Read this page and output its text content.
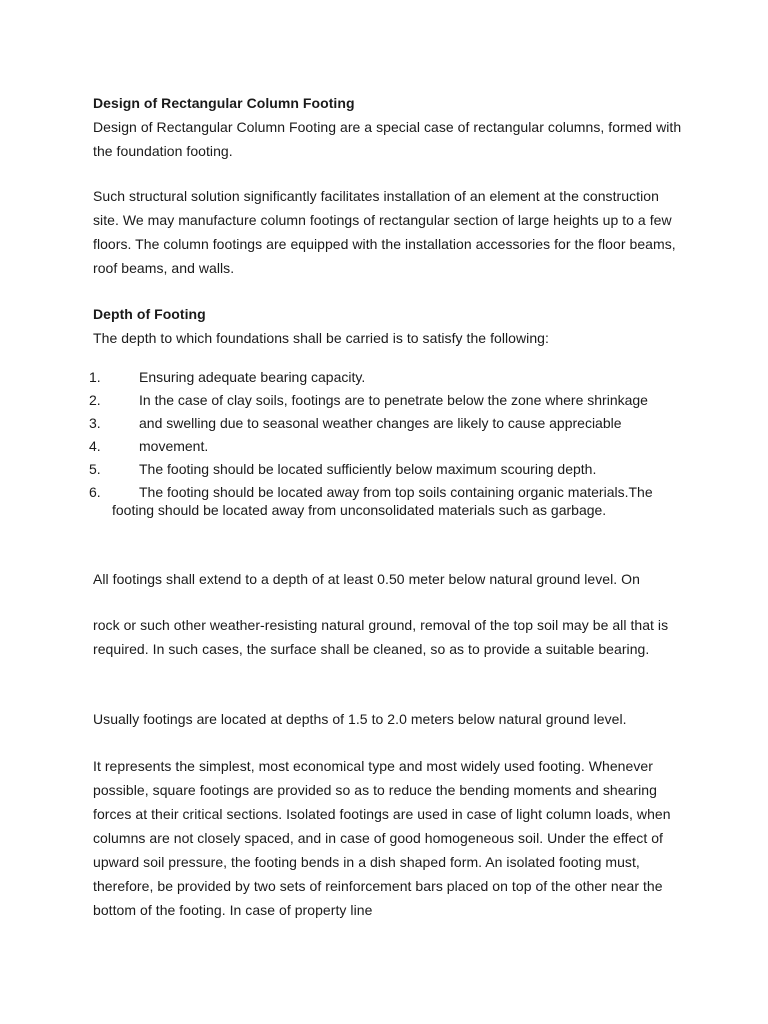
Design of Rectangular Column Footing

Design of Rectangular Column Footing are a special case of rectangular columns, formed with the foundation footing.

Such structural solution significantly facilitates installation of an element at the construction site. We may manufacture column footings of rectangular section of large heights up to a few floors. The column footings are equipped with the installation accessories for the floor beams, roof beams, and walls.

Depth of Footing

The depth to which foundations shall be carried is to satisfy the following:

1.	Ensuring adequate bearing capacity.
2.	In the case of clay soils, footings are to penetrate below the zone where shrinkage
3.	and swelling due to seasonal weather changes are likely to cause appreciable
4.	movement.
5.	The footing should be located sufficiently below maximum scouring depth.
6.	The footing should be located away from top soils containing organic materials.The footing should be located away from unconsolidated materials such as garbage.

All footings shall extend to a depth of at least 0.50 meter below natural ground level. On

rock or such other weather-resisting natural ground, removal of the top soil may be all that is required. In such cases, the surface shall be cleaned, so as to provide a suitable bearing.

Usually footings are located at depths of 1.5 to 2.0 meters below natural ground level.

It represents the simplest, most economical type and most widely used footing. Whenever possible, square footings are provided so as to reduce the bending moments and shearing forces at their critical sections. Isolated footings are used in case of light column loads, when columns are not closely spaced, and in case of good homogeneous soil. Under the effect of upward soil pressure, the footing bends in a dish shaped form. An isolated footing must, therefore, be provided by two sets of reinforcement bars placed on top of the other near the bottom of the footing. In case of property line
